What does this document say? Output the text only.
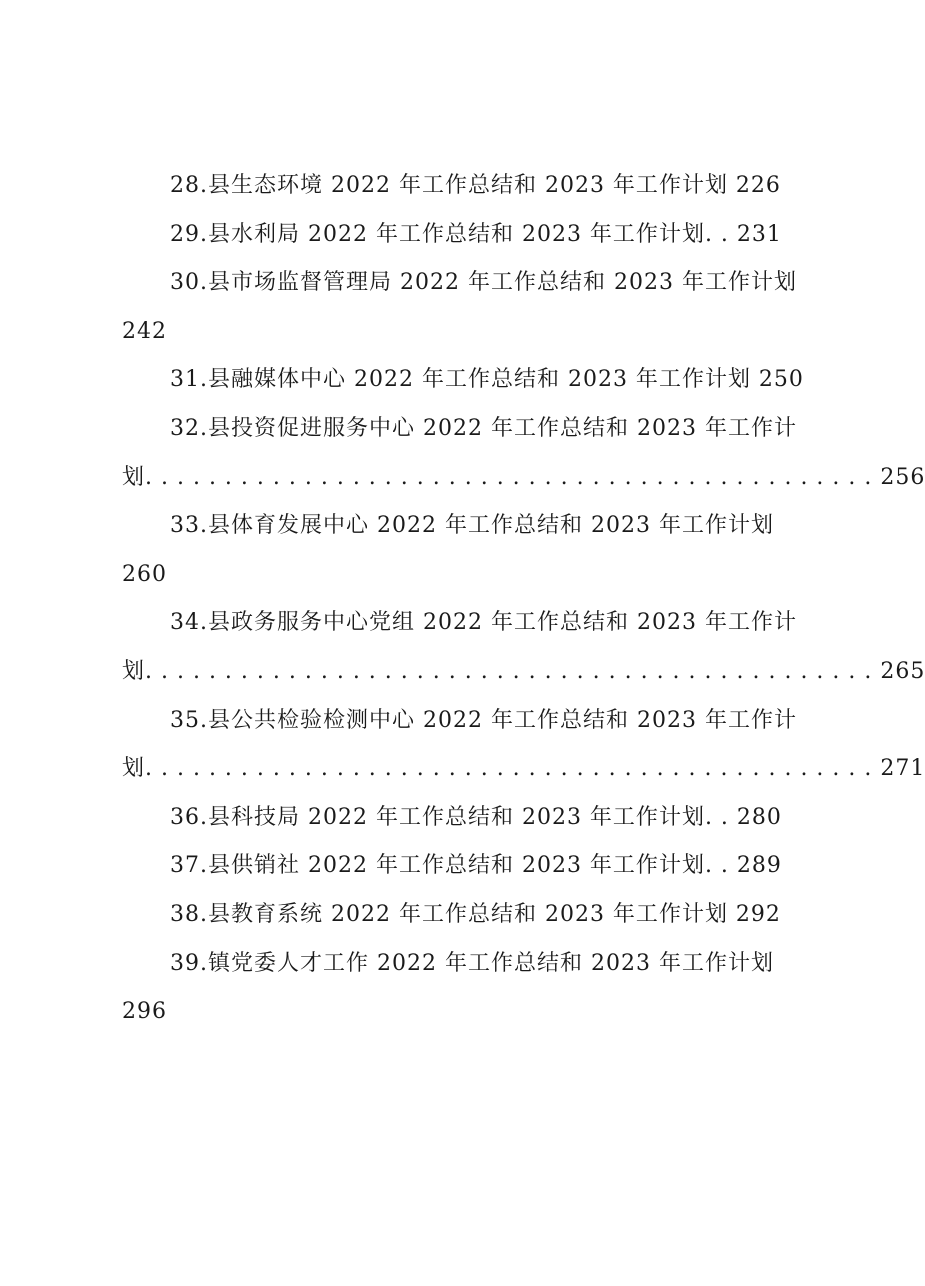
28.县生态环境 2022 年工作总结和 2023 年工作计划 226
29.县水利局 2022 年工作总结和 2023 年工作计划. . 231
30.县市场监督管理局 2022 年工作总结和 2023 年工作计划
242
31.县融媒体中心 2022 年工作总结和 2023 年工作计划 250
32.县投资促进服务中心 2022 年工作总结和 2023 年工作计
划. . . . . . . . . . . . . . . . . . . . . . . . . . . . . . . . . . . . . . . . . . . . . . 256
33.县体育发展中心 2022 年工作总结和 2023 年工作计划
260
34.县政务服务中心党组 2022 年工作总结和 2023 年工作计
划. . . . . . . . . . . . . . . . . . . . . . . . . . . . . . . . . . . . . . . . . . . . . . 265
35.县公共检验检测中心 2022 年工作总结和 2023 年工作计
划. . . . . . . . . . . . . . . . . . . . . . . . . . . . . . . . . . . . . . . . . . . . . . 271
36.县科技局 2022 年工作总结和 2023 年工作计划. . 280
37.县供销社 2022 年工作总结和 2023 年工作计划. . 289
38.县教育系统 2022 年工作总结和 2023 年工作计划 292
39.镇党委人才工作 2022 年工作总结和 2023 年工作计划
296
